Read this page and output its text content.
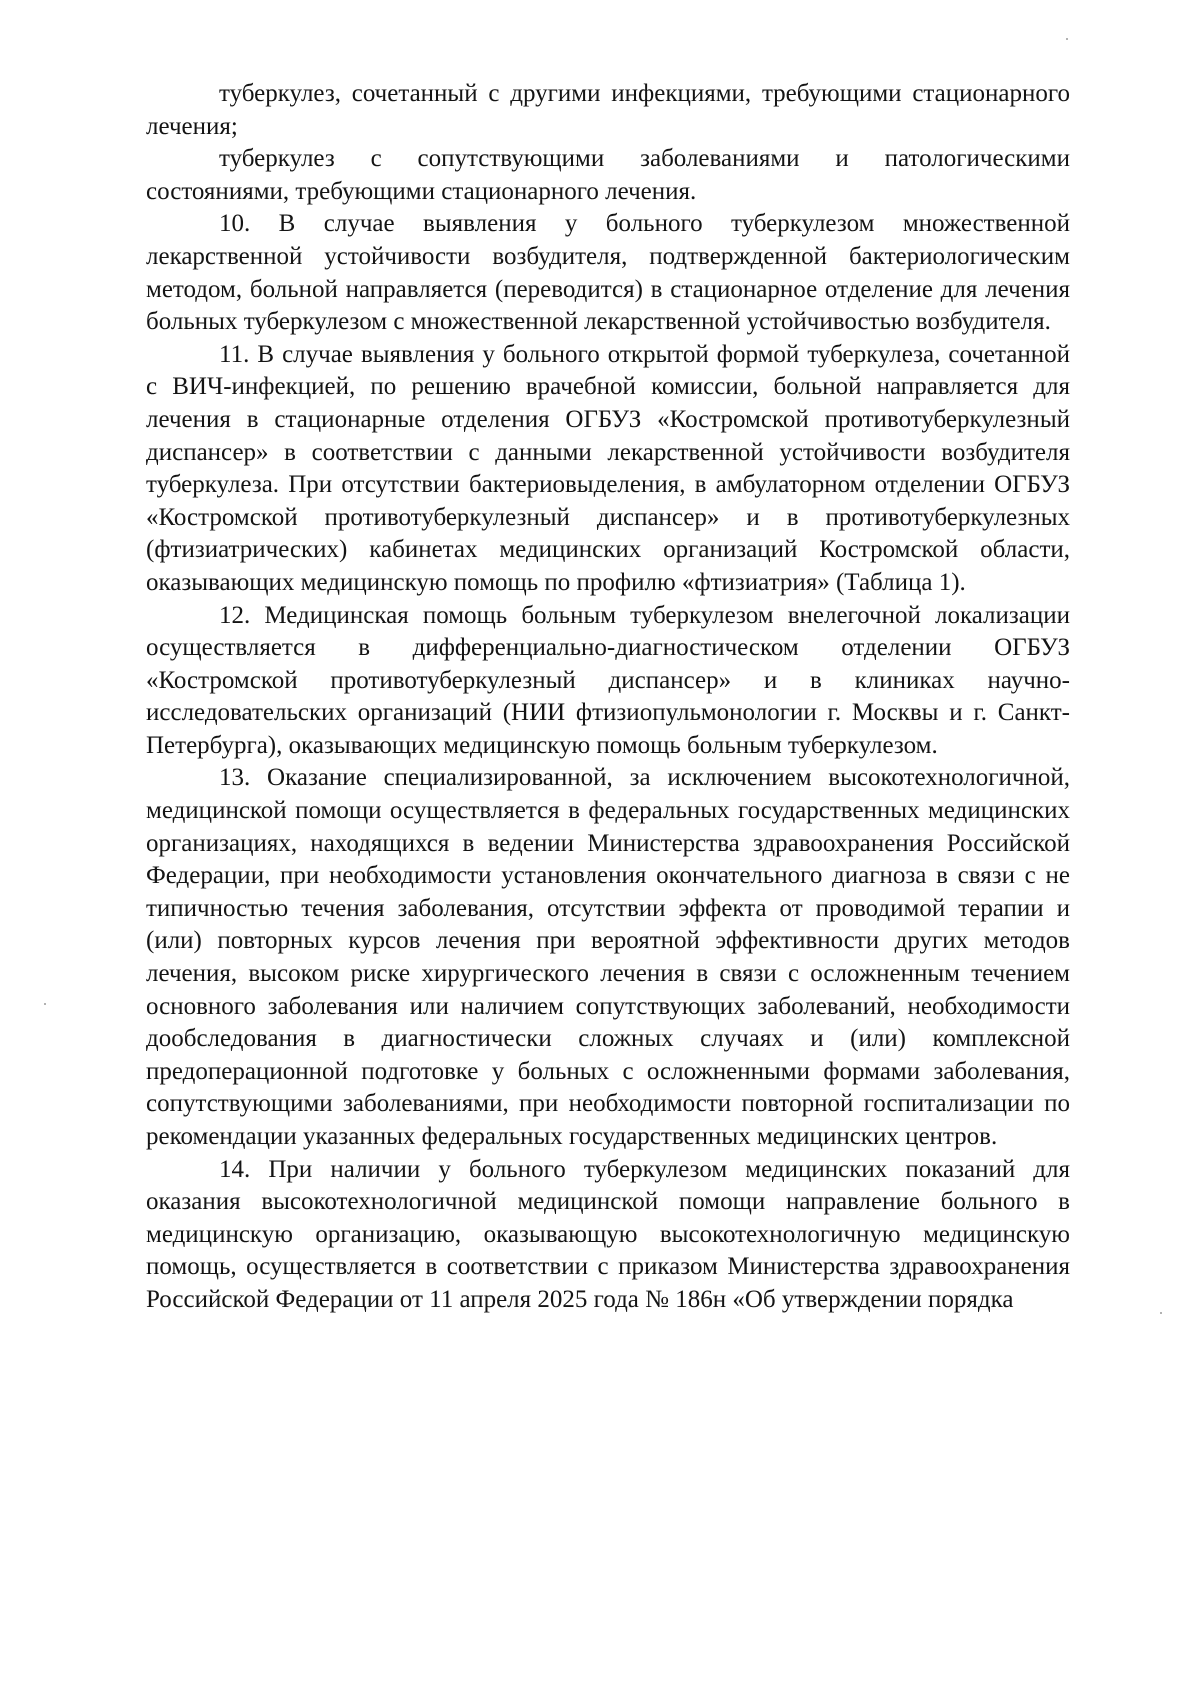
туберкулез, сочетанный с другими инфекциями, требующими стационарного лечения;

туберкулез с сопутствующими заболеваниями и патологическими состояниями, требующими стационарного лечения.

10. В случае выявления у больного туберкулезом множественной лекарственной устойчивости возбудителя, подтвержденной бактериологическим методом, больной направляется (переводится) в стационарное отделение для лечения больных туберкулезом с множественной лекарственной устойчивостью возбудителя.

11. В случае выявления у больного открытой формой туберкулеза, сочетанной с ВИЧ-инфекцией, по решению врачебной комиссии, больной направляется для лечения в стационарные отделения ОГБУЗ «Костромской противотуберкулезный диспансер» в соответствии с данными лекарственной устойчивости возбудителя туберкулеза. При отсутствии бактериовыделения, в амбулаторном отделении ОГБУЗ «Костромской противотуберкулезный диспансер» и в противотуберкулезных (фтизиатрических) кабинетах медицинских организаций Костромской области, оказывающих медицинскую помощь по профилю «фтизиатрия» (Таблица 1).

12. Медицинская помощь больным туберкулезом внелегочной локализации осуществляется в дифференциально-диагностическом отделении ОГБУЗ «Костромской противотуберкулезный диспансер» и в клиниках научно-исследовательских организаций (НИИ фтизиопульмонологии г. Москвы и г. Санкт-Петербурга), оказывающих медицинскую помощь больным туберкулезом.

13. Оказание специализированной, за исключением высокотехнологичной, медицинской помощи осуществляется в федеральных государственных медицинских организациях, находящихся в ведении Министерства здравоохранения Российской Федерации, при необходимости установления окончательного диагноза в связи с не типичностью течения заболевания, отсутствии эффекта от проводимой терапии и (или) повторных курсов лечения при вероятной эффективности других методов лечения, высоком риске хирургического лечения в связи с осложненным течением основного заболевания или наличием сопутствующих заболеваний, необходимости дообследования в диагностически сложных случаях и (или) комплексной предоперационной подготовке у больных с осложненными формами заболевания, сопутствующими заболеваниями, при необходимости повторной госпитализации по рекомендации указанных федеральных государственных медицинских центров.

14. При наличии у больного туберкулезом медицинских показаний для оказания высокотехнологичной медицинской помощи направление больного в медицинскую организацию, оказывающую высокотехнологичную медицинскую помощь, осуществляется в соответствии с приказом Министерства здравоохранения Российской Федерации от 11 апреля 2025 года № 186н «Об утверждении порядка
